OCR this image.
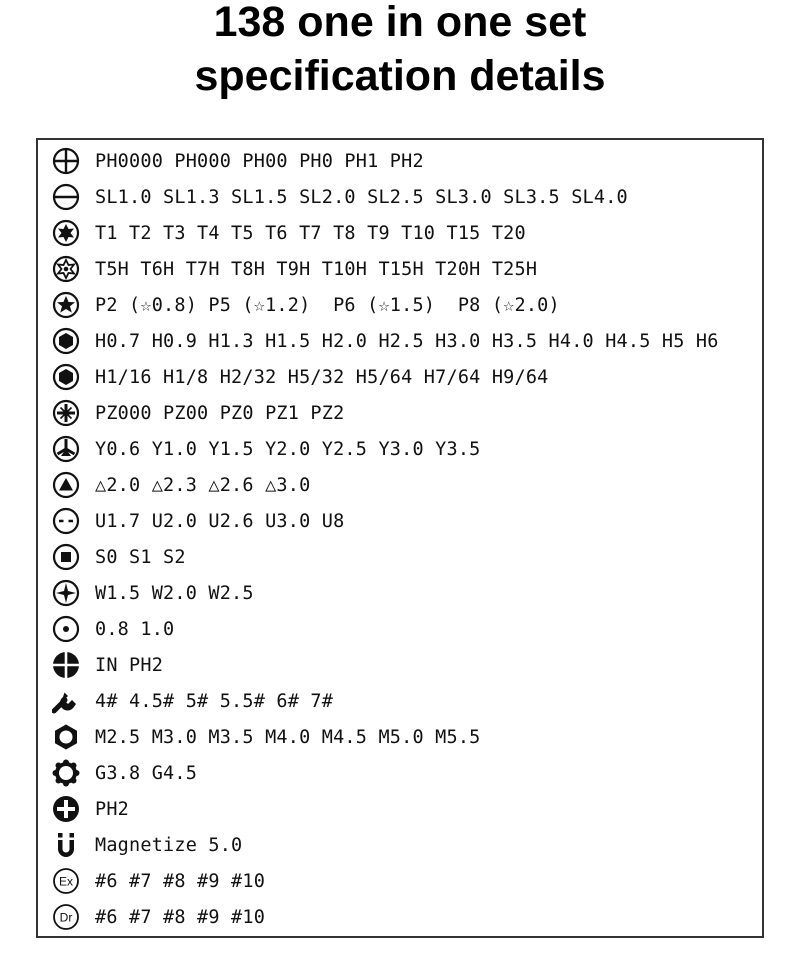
138 one in one set
specification details
PH0000 PH000 PH00 PH0 PH1 PH2
SL1.0 SL1.3 SL1.5 SL2.0 SL2.5 SL3.0 SL3.5 SL4.0
T1 T2 T3 T4 T5 T6 T7 T8 T9 T10 T15 T20
T5H T6H T7H T8H T9H T10H T15H T20H T25H
P2 (☆0.8) P5 (☆1.2)  P6 (☆1.5)  P8 (☆2.0)
H0.7 H0.9 H1.3 H1.5 H2.0 H2.5 H3.0 H3.5 H4.0 H4.5 H5 H6
H1/16 H1/8 H2/32 H5/32 H5/64 H7/64 H9/64
PZ000 PZ00 PZ0 PZ1 PZ2
Y0.6 Y1.0 Y1.5 Y2.0 Y2.5 Y3.0 Y3.5
△2.0 △2.3 △2.6 △3.0
U1.7 U2.0 U2.6 U3.0 U8
S0 S1 S2
W1.5 W2.0 W2.5
0.8 1.0
IN PH2
4# 4.5# 5# 5.5# 6# 7#
M2.5 M3.0 M3.5 M4.0 M4.5 M5.0 M5.5
G3.8 G4.5
PH2
Magnetize 5.0
Ex #6 #7 #8 #9 #10
Dr #6 #7 #8 #9 #10
